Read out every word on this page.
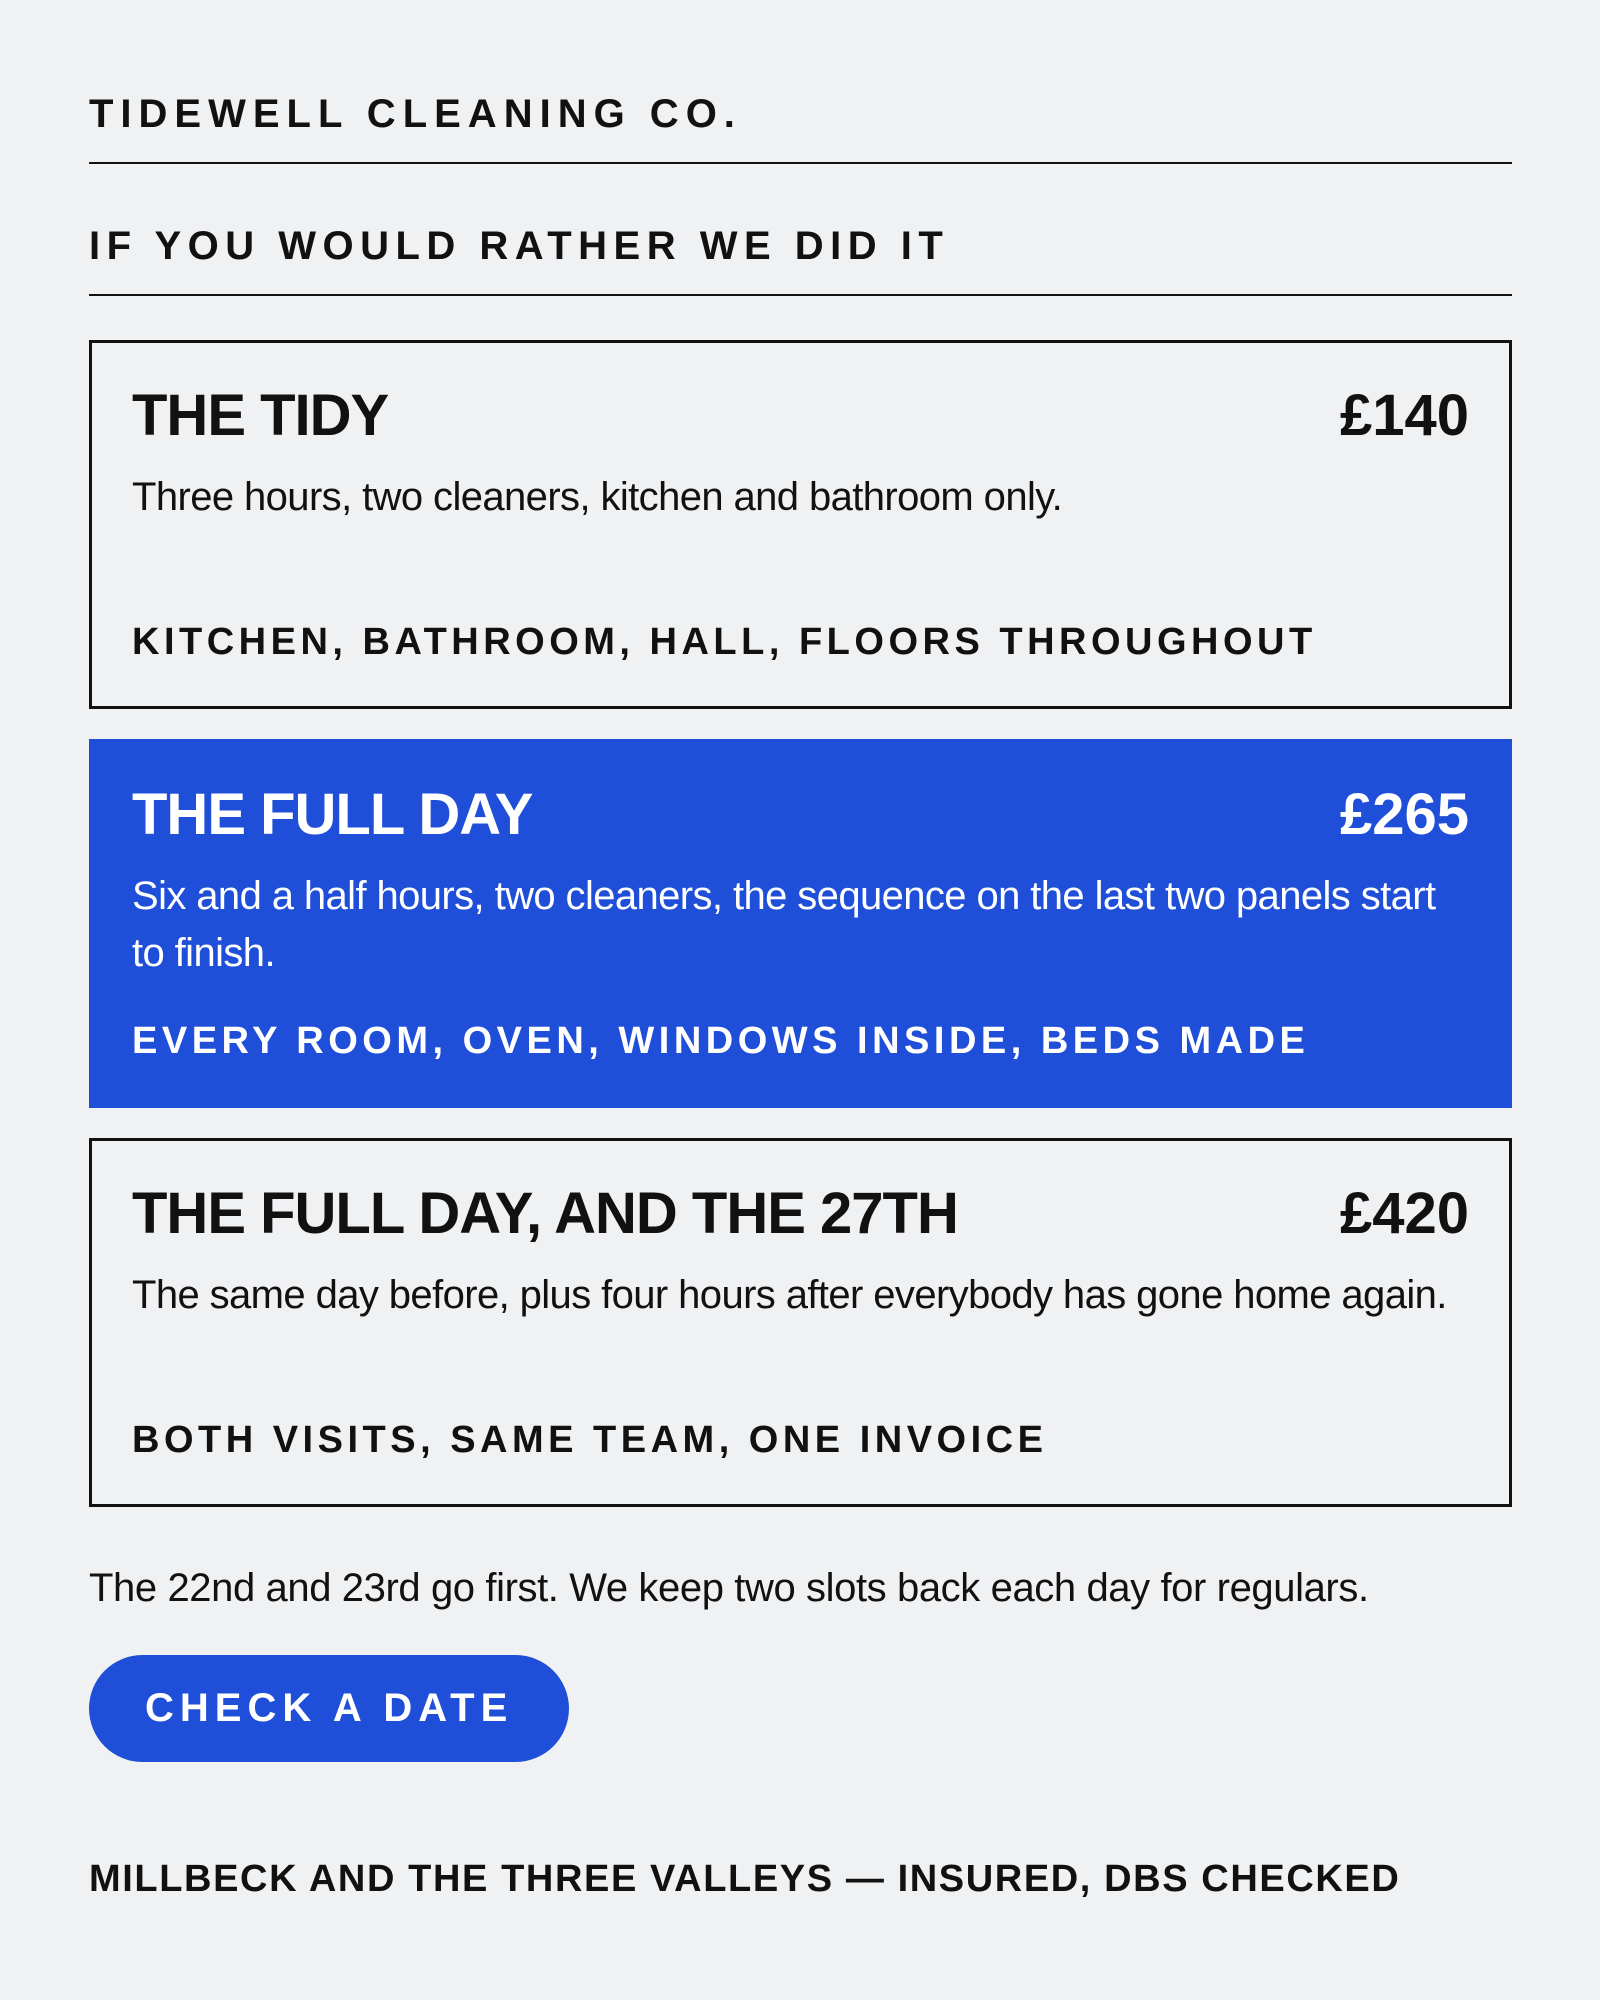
TIDEWELL CLEANING CO.
IF YOU WOULD RATHER WE DID IT
THE TIDY	£140
Three hours, two cleaners, kitchen and bathroom only.
KITCHEN, BATHROOM, HALL, FLOORS THROUGHOUT
THE FULL DAY	£265
Six and a half hours, two cleaners, the sequence on the last two panels start to finish.
EVERY ROOM, OVEN, WINDOWS INSIDE, BEDS MADE
THE FULL DAY, AND THE 27TH	£420
The same day before, plus four hours after everybody has gone home again.
BOTH VISITS, SAME TEAM, ONE INVOICE
The 22nd and 23rd go first. We keep two slots back each day for regulars.
CHECK A DATE
MILLBECK AND THE THREE VALLEYS — INSURED, DBS CHECKED
